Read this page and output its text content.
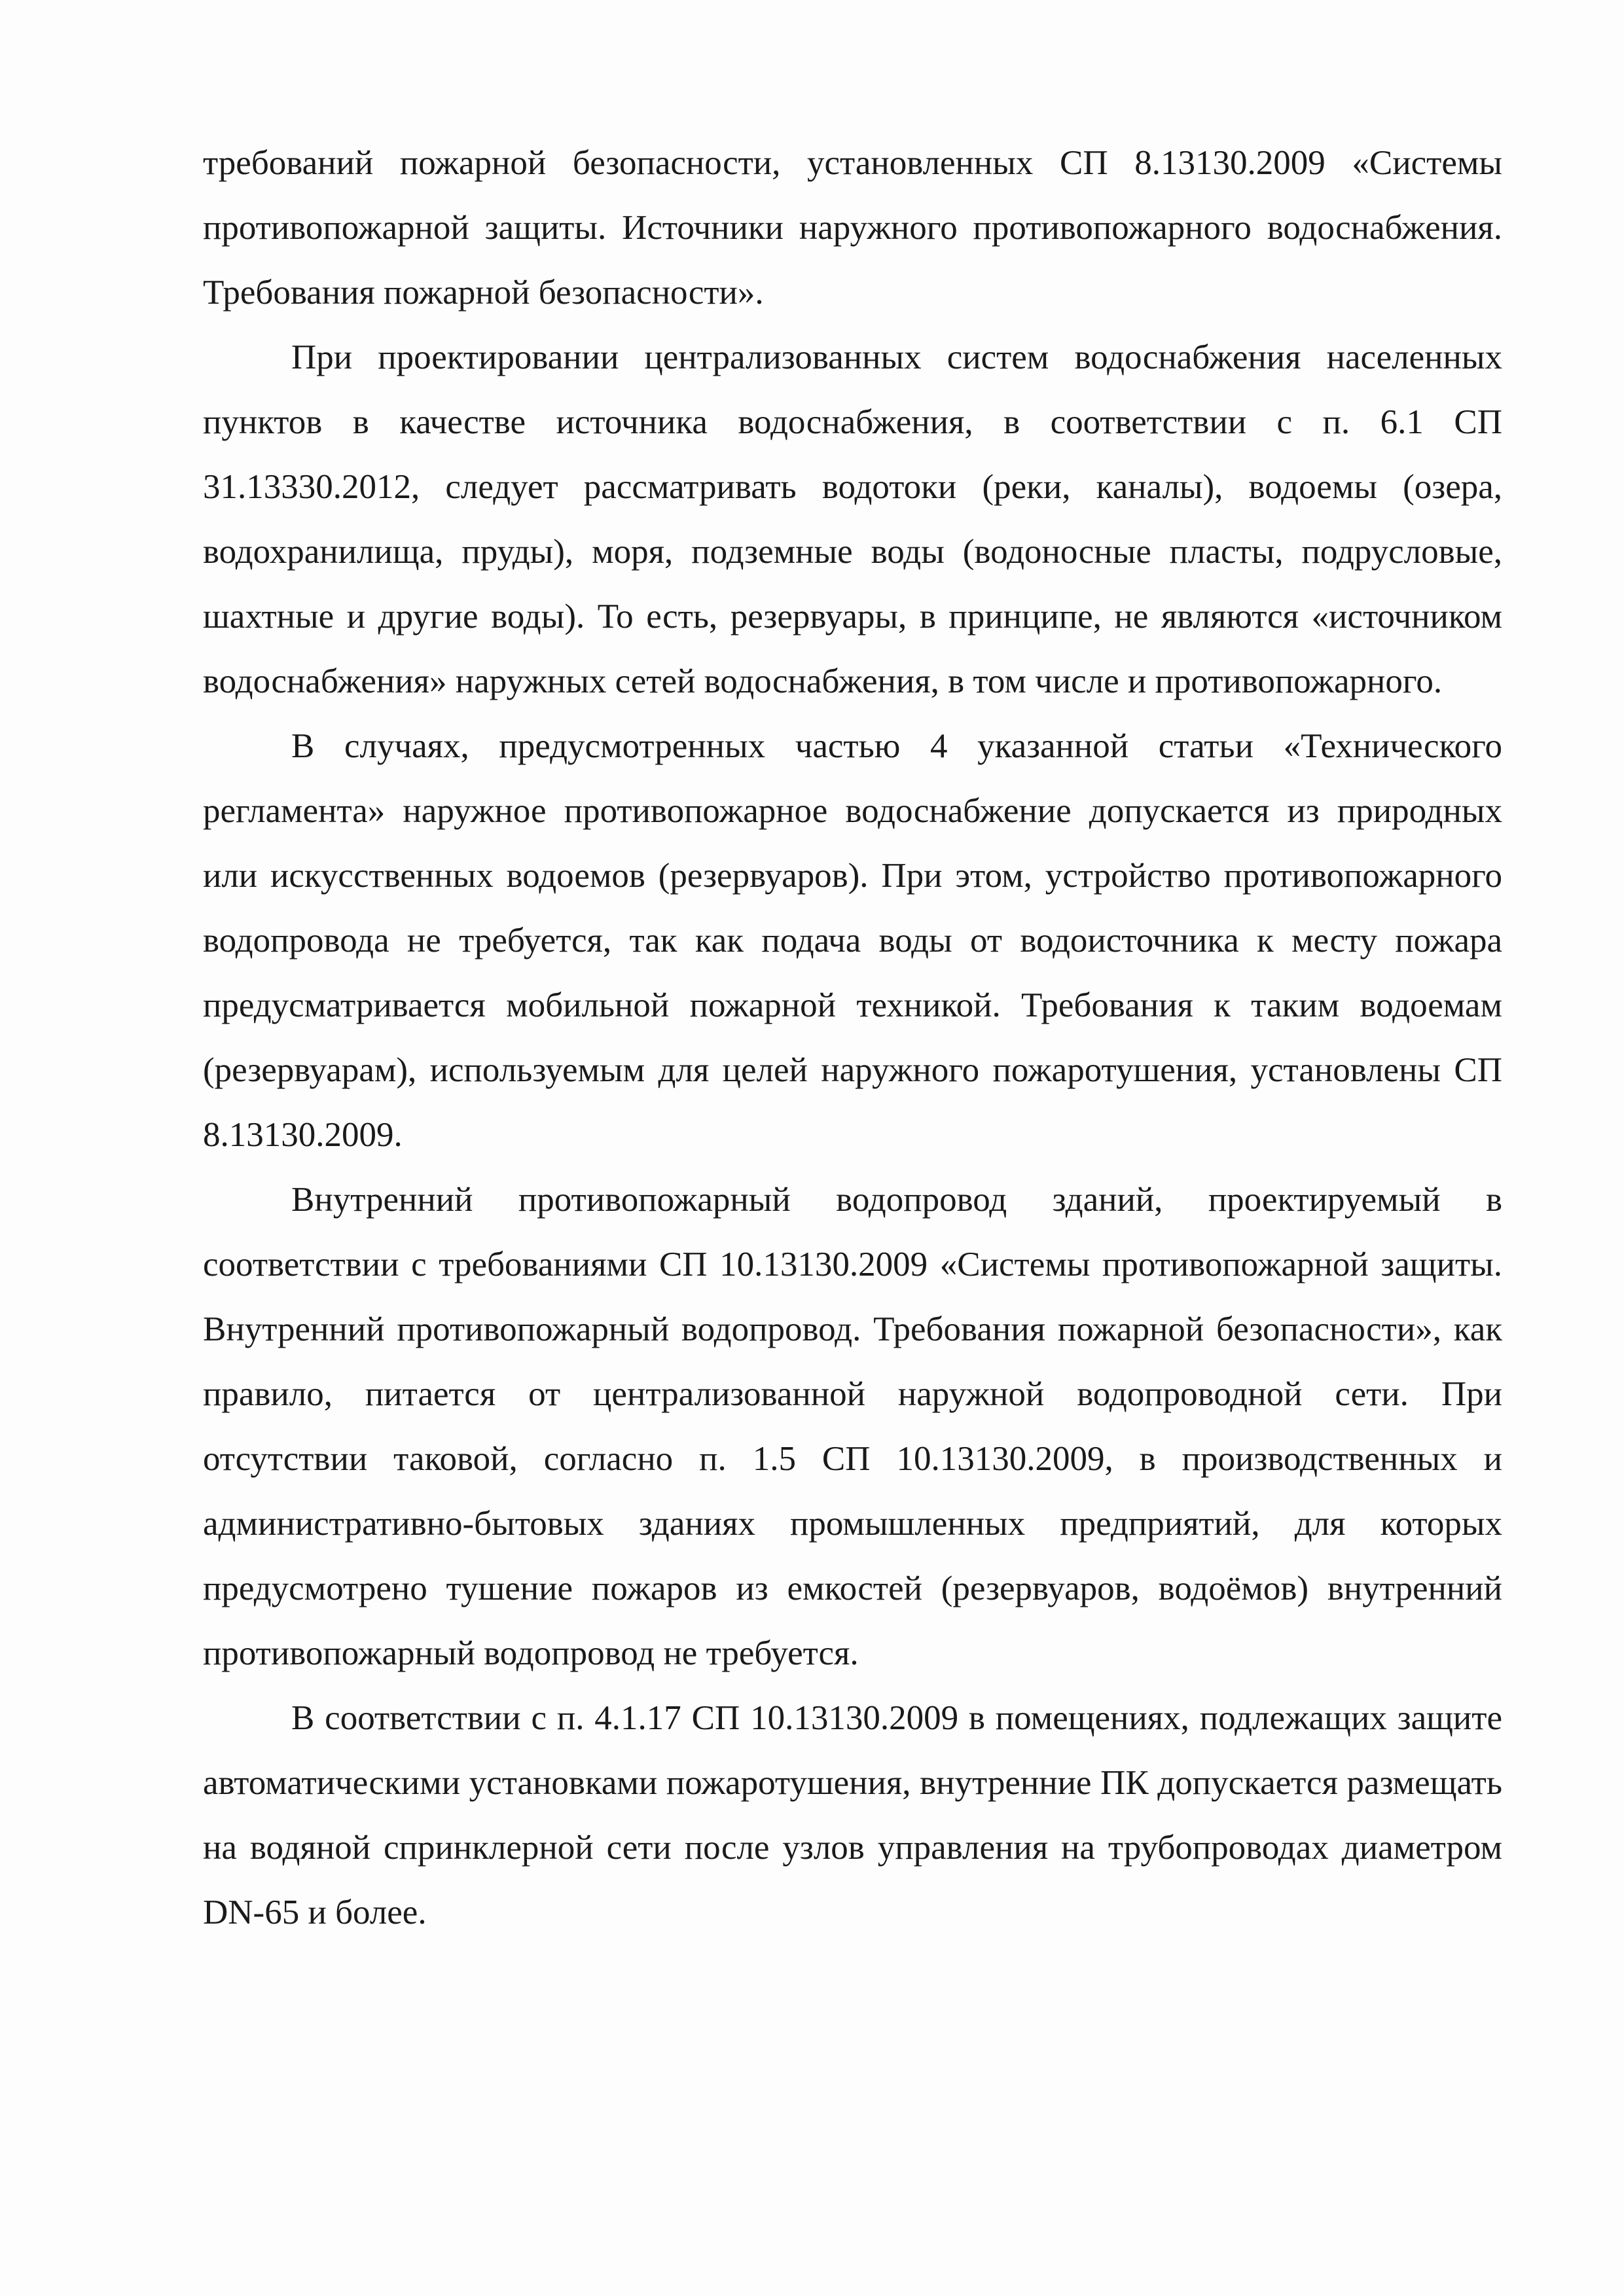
требований пожарной безопасности, установленных СП 8.13130.2009 «Системы противопожарной защиты. Источники наружного противопожарного водоснабжения. Требования пожарной безопасности».

При проектировании централизованных систем водоснабжения населенных пунктов в качестве источника водоснабжения, в соответствии с п. 6.1 СП 31.13330.2012, следует рассматривать водотоки (реки, каналы), водоемы (озера, водохранилища, пруды), моря, подземные воды (водоносные пласты, подрусловые, шахтные и другие воды). То есть, резервуары, в принципе, не являются «источником водоснабжения» наружных сетей водоснабжения, в том числе и противопожарного.

В случаях, предусмотренных частью 4 указанной статьи «Технического регламента» наружное противопожарное водоснабжение допускается из природных или искусственных водоемов (резервуаров). При этом, устройство противопожарного водопровода не требуется, так как подача воды от водоисточника к месту пожара предусматривается мобильной пожарной техникой. Требования к таким водоемам (резервуарам), используемым для целей наружного пожаротушения, установлены СП 8.13130.2009.

Внутренний противопожарный водопровод зданий, проектируемый в соответствии с требованиями СП 10.13130.2009 «Системы противопожарной защиты. Внутренний противопожарный водопровод. Требования пожарной безопасности», как правило, питается от централизованной наружной водопроводной сети. При отсутствии таковой, согласно п. 1.5 СП 10.13130.2009, в производственных и административно-бытовых зданиях промышленных предприятий, для которых предусмотрено тушение пожаров из емкостей (резервуаров, водоёмов) внутренний противопожарный водопровод не требуется.

В соответствии с п. 4.1.17 СП 10.13130.2009 в помещениях, подлежащих защите автоматическими установками пожаротушения, внутренние ПК допускается размещать на водяной спринклерной сети после узлов управления на трубопроводах диаметром DN-65 и более.
